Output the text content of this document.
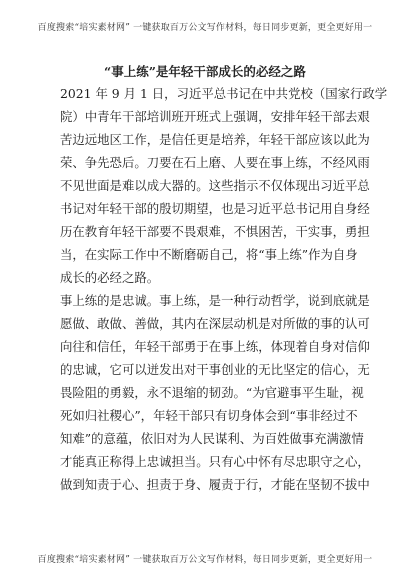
百度搜索“培实素材网” 一键获取百万公文写作材料，每日同步更新，更全更好用一
“事上练”是年轻干部成长的必经之路
2021 年 9 月 1 日，习近平总书记在中共党校（国家行政学
院）中青年干部培训班开班式上强调，安排年轻干部去艰
苦边远地区工作，是信任更是培养，年轻干部应该以此为
荣、争先恐后。刀要在石上磨、人要在事上练，不经风雨
不见世面是难以成大器的。这些指示不仅体现出习近平总
书记对年轻干部的殷切期望，也是习近平总书记用自身经
历在教育年轻干部要不畏艰难，不惧困苦，干实事，勇担
当，在实际工作中不断磨砺自己，将“事上练”作为自身
成长的必经之路。
事上练的是忠诚。事上练，是一种行动哲学，说到底就是
愿做、敢做、善做，其内在深层动机是对所做的事的认可
向往和信任，年轻干部勇于在事上练，体现着自身对信仰
的忠诚，它可以迸发出对干事创业的无比坚定的信心，无
畏险阻的勇毅，永不退缩的韧劲。“为官避事平生耻，视
死如归社稷心”，年轻干部只有切身体会到“事非经过不
知难”的意蕴，依旧对为人民谋利、为百姓做事充满激情
才能真正称得上忠诚担当。只有心中怀有尽忠职守之心，
做到知责于心、担责于身、履责于行，才能在坚韧不拔中
百度搜索“培实素材网” 一键获取百万公文写作材料，每日同步更新，更全更好用一
